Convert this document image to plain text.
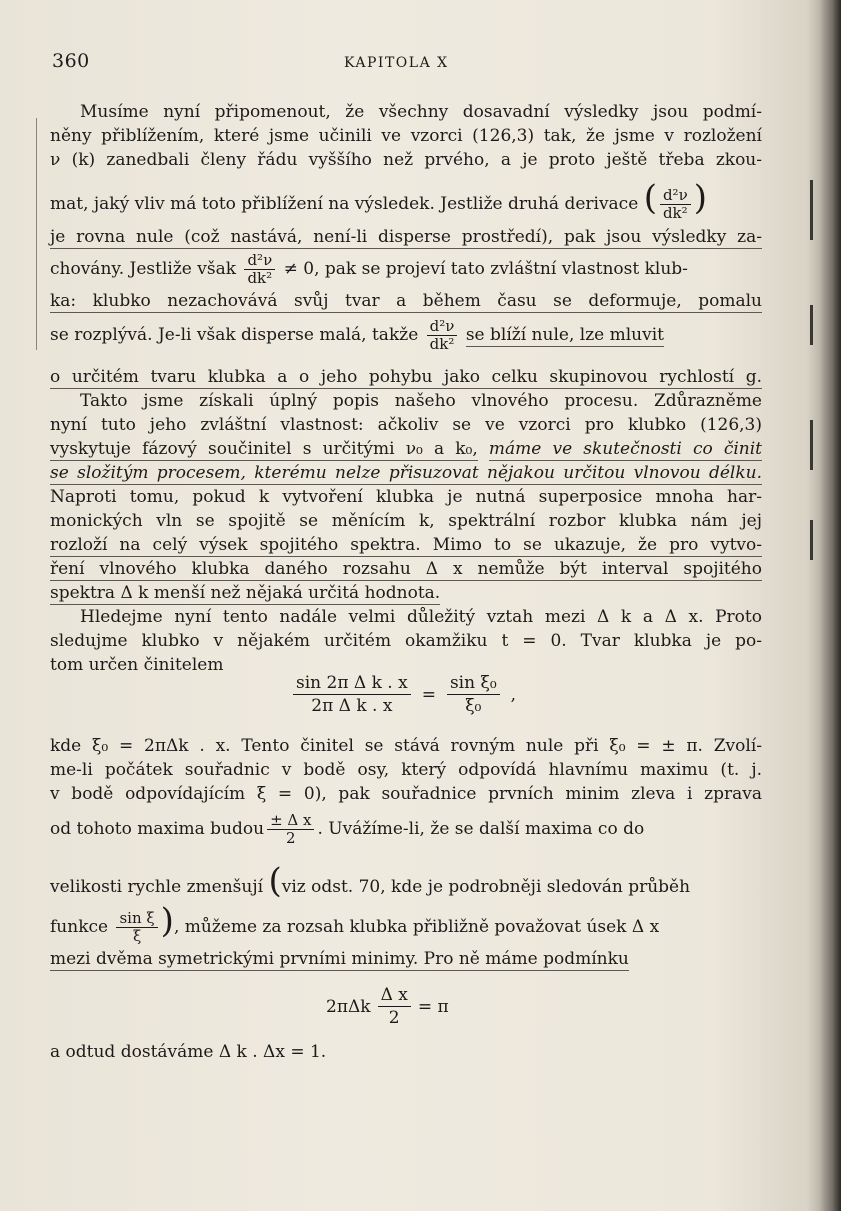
360	KAPITOLA X
Musíme nyní připomenout, že všechny dosavadní výsledky jsou podmí-
něny přiblížením, které jsme učinili ve vzorci (126,3) tak, že jsme v rozložení
ν (k) zanedbali členy řádu vyššího než prvého, a je proto ještě třeba zkou-
mat, jaký vliv má toto přiblížení na výsledek. Jestliže druhá derivace ( $\frac{\text{d²ν}}{\text{dk²}}$ )
je rovna nule (což nastává, není-li disperse prostředí), pak jsou výsledky za-
chovány. Jestliže však $\frac{\text{d²ν}}{\text{dk²}} \ne 0$, pak se projeví tato zvláštní vlastnost klub-
ka: klubko nezachovává svůj tvar a během času se deformuje, pomalu
se rozplývá. Je-li však disperse malá, takže $\frac{\text{d²ν}}{\text{dk²}}$ se blíží nule, lze mluvit
o určitém tvaru klubka a o jeho pohybu jako celku skupinovou rychlostí g.
Takto jsme získali úplný popis našeho vlnového procesu. Zdůrazněme
nyní tuto jeho zvláštní vlastnost: ačkoliv se ve vzorci pro klubko (126,3)
vyskytuje fázový součinitel s určitými ν₀ a k₀, máme ve skutečnosti co činit
se složitým procesem, kterému nelze přisuzovat nějakou určitou vlnovou délku.
Naproti tomu, pokud k vytvoření klubka je nutná superposice mnoha har-
monických vln se spojitě se měnícím k, spektrální rozbor klubka nám jej
rozloží na celý výsek spojitého spektra. Mimo to se ukazuje, že pro vytvo-
ření vlnového klubka daného rozsahu Δ x nemůže být interval spojitého
spektra Δ k menší než nějaká určitá hodnota.
Hledejme nyní tento nadále velmi důležitý vztah mezi Δ k a Δ x. Proto
sledujme klubko v nějakém určitém okamžiku t = 0. Tvar klubka je po-
tom určen činitelem
$\frac{\text{sin 2π Δ k . x}}{\text{2π Δ k . x}} = \frac{\text{sin ξ₀}}{\text{ξ₀}}$ ,
kde ξ₀ = 2πΔk . x. Tento činitel se stává rovným nule při ξ₀ = ± π. Zvolí-
me-li počátek souřadnic v bodě osy, který odpovídá hlavnímu maximu (t. j.
v bodě odpovídajícím ξ = 0), pak souřadnice prvních minim zleva i zprava
od tohoto maxima budou $\frac{\text{± Δ x}}{2}$ . Uvážíme-li, že se další maxima co do
velikosti rychle zmenšují (viz odst. 70, kde je podrobněji sledován průběh
funkce $\frac{\text{sin ξ}}{\xi}$ ), můžeme za rozsah klubka přibližně považovat úsek Δ x
mezi dvěma symetrickými prvními minimy. Pro ně máme podmínku
$2\pi\Delta k \frac{\text{Δ x}}{2} = \pi$
a odtud dostáváme Δ k . Δx = 1.
